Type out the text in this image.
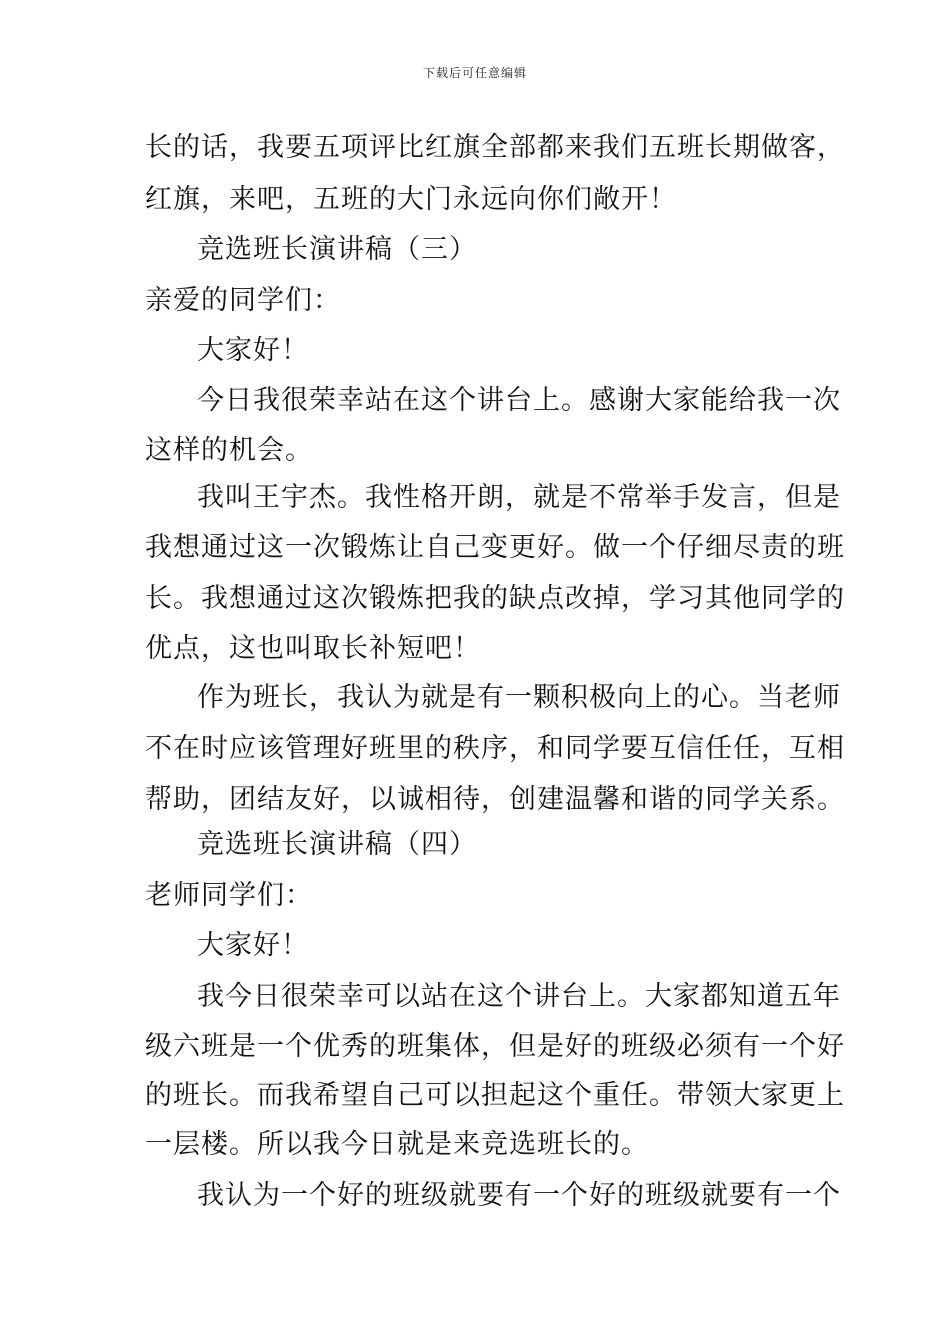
下载后可任意编辑
长的话，我要五项评比红旗全部都来我们五班长期做客，
红旗，来吧，五班的大门永远向你们敞开！
竞选班长演讲稿（三）
亲爱的同学们：
大家好！
今日我很荣幸站在这个讲台上。感谢大家能给我一次
这样的机会。
我叫王宇杰。我性格开朗，就是不常举手发言，但是
我想通过这一次锻炼让自己变更好。做一个仔细尽责的班
长。我想通过这次锻炼把我的缺点改掉，学习其他同学的
优点，这也叫取长补短吧！
作为班长，我认为就是有一颗积极向上的心。当老师
不在时应该管理好班里的秩序，和同学要互信任任，互相
帮助，团结友好，以诚相待，创建温馨和谐的同学关系。
竞选班长演讲稿（四）
老师同学们：
大家好！
我今日很荣幸可以站在这个讲台上。大家都知道五年
级六班是一个优秀的班集体，但是好的班级必须有一个好
的班长。而我希望自己可以担起这个重任。带领大家更上
一层楼。所以我今日就是来竞选班长的。
我认为一个好的班级就要有一个好的班级就要有一个
